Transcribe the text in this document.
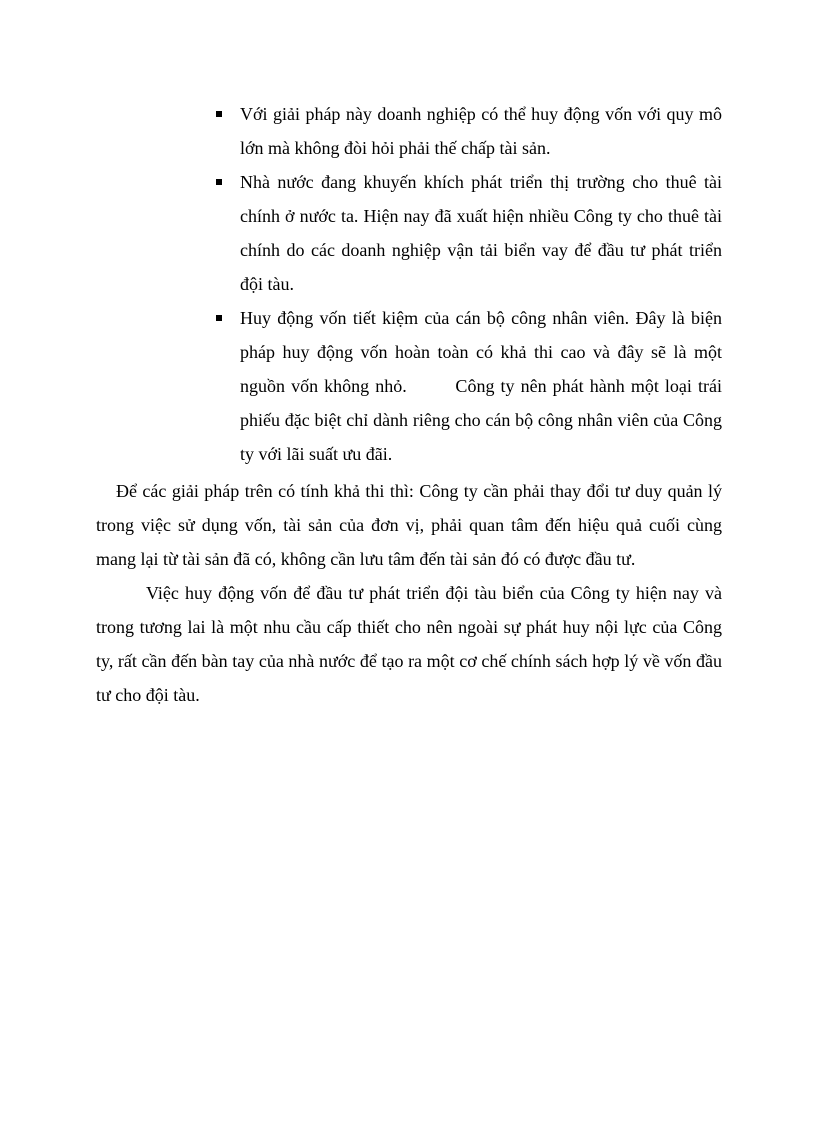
Với giải pháp này doanh nghiệp có thể huy động vốn với quy mô lớn mà không đòi hỏi phải thế chấp tài sản.
Nhà nước đang khuyến khích phát triển thị trường cho thuê tài chính ở nước ta. Hiện nay đã xuất hiện nhiều Công ty cho thuê tài chính do các doanh nghiệp vận tải biển vay để đầu tư phát triển đội tàu.
Huy động vốn tiết kiệm của cán bộ công nhân viên. Đây là biện pháp huy động vốn hoàn toàn có khả thi cao và đây sẽ là một nguồn vốn không nhỏ.        Công ty nên phát hành một loại trái phiếu đặc biệt chỉ dành riêng cho cán bộ công nhân viên của Công ty với lãi suất ưu đãi.

Để các giải pháp trên có tính khả thi thì: Công ty cần phải thay đổi tư duy quản lý trong việc sử dụng vốn, tài sản của đơn vị, phải quan tâm đến hiệu quả cuối cùng mang lại từ tài sản đã có, không cần lưu tâm đến tài sản đó có được đầu tư.

Việc huy động vốn để đầu tư phát triển đội tàu biển của Công ty hiện nay và trong tương lai là một nhu cầu cấp thiết cho nên ngoài sự phát huy nội lực của Công ty, rất cần đến bàn tay của nhà nước để tạo ra một cơ chế chính sách hợp lý về vốn đầu tư cho đội tàu.
